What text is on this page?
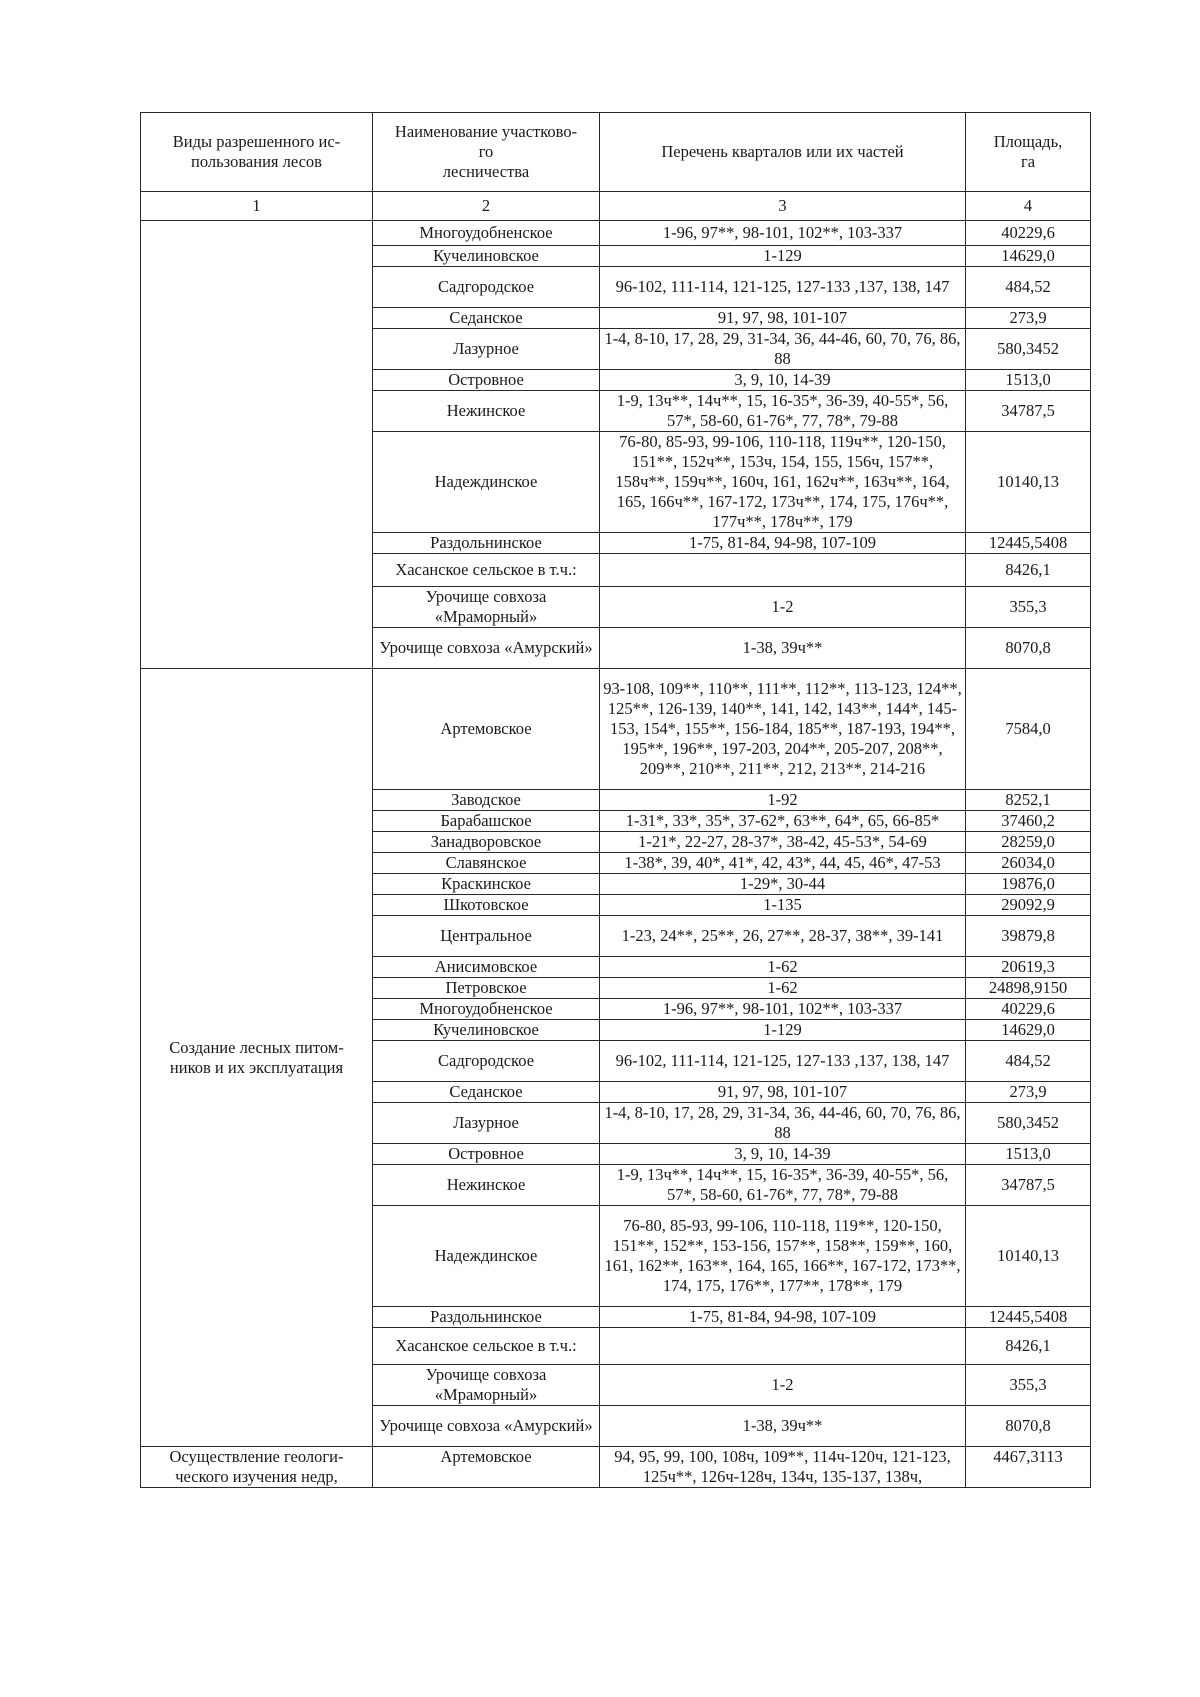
Виды разрешенного ис-
пользования лесов	Наименование участково-
го
лесничества	Перечень кварталов или их частей	Площадь,
га
1	2	3	4
	Многоудобненское	1-96, 97**, 98-101, 102**, 103-337	40229,6
	Кучелиновское	1-129	14629,0
	Садгородское	96-102, 111-114, 121-125, 127-133 ,137, 138, 147	484,52
	Седанское	91, 97, 98, 101-107	273,9
	Лазурное	1-4, 8-10, 17, 28, 29, 31-34, 36, 44-46, 60, 70, 76, 86, 88	580,3452
	Островное	3, 9, 10, 14-39	1513,0
	Нежинское	1-9, 13ч**, 14ч**, 15, 16-35*, 36-39, 40-55*, 56, 57*, 58-60, 61-76*, 77, 78*, 79-88	34787,5
	Надеждинское	76-80, 85-93, 99-106, 110-118, 119ч**, 120-150, 151**, 152ч**, 153ч, 154, 155, 156ч, 157**, 158ч**, 159ч**, 160ч, 161, 162ч**, 163ч**, 164, 165, 166ч**, 167-172, 173ч**, 174, 175, 176ч**, 177ч**, 178ч**, 179	10140,13
	Раздольнинское	1-75, 81-84, 94-98, 107-109	12445,5408
	Хасанское сельское в т.ч.:		8426,1
	Урочище совхоза «Мраморный»	1-2	355,3
	Урочище совхоза «Амурский»	1-38, 39ч**	8070,8
Создание лесных питом-
ников и их эксплуатация	Артемовское	93-108, 109**, 110**, 111**, 112**, 113-123, 124**, 125**, 126-139, 140**, 141, 142, 143**, 144*, 145-153, 154*, 155**, 156-184, 185**, 187-193, 194**, 195**, 196**, 197-203, 204**, 205-207, 208**, 209**, 210**, 211**, 212, 213**, 214-216	7584,0
	Заводское	1-92	8252,1
	Барабашское	1-31*, 33*, 35*, 37-62*, 63**, 64*, 65, 66-85*	37460,2
	Занадворовское	1-21*, 22-27, 28-37*, 38-42, 45-53*, 54-69	28259,0
	Славянское	1-38*, 39, 40*, 41*, 42, 43*, 44, 45, 46*, 47-53	26034,0
	Краскинское	1-29*, 30-44	19876,0
	Шкотовское	1-135	29092,9
	Центральное	1-23, 24**, 25**, 26, 27**, 28-37, 38**, 39-141	39879,8
	Анисимовское	1-62	20619,3
	Петровское	1-62	24898,9150
	Многоудобненское	1-96, 97**, 98-101, 102**, 103-337	40229,6
	Кучелиновское	1-129	14629,0
	Садгородское	96-102, 111-114, 121-125, 127-133 ,137, 138, 147	484,52
	Седанское	91, 97, 98, 101-107	273,9
	Лазурное	1-4, 8-10, 17, 28, 29, 31-34, 36, 44-46, 60, 70, 76, 86, 88	580,3452
	Островное	3, 9, 10, 14-39	1513,0
	Нежинское	1-9, 13ч**, 14ч**, 15, 16-35*, 36-39, 40-55*, 56, 57*, 58-60, 61-76*, 77, 78*, 79-88	34787,5
	Надеждинское	76-80, 85-93, 99-106, 110-118, 119**, 120-150, 151**, 152**, 153-156, 157**, 158**, 159**, 160, 161, 162**, 163**, 164, 165, 166**, 167-172, 173**, 174, 175, 176**, 177**, 178**, 179	10140,13
	Раздольнинское	1-75, 81-84, 94-98, 107-109	12445,5408
	Хасанское сельское в т.ч.:		8426,1
	Урочище совхоза «Мраморный»	1-2	355,3
	Урочище совхоза «Амурский»	1-38, 39ч**	8070,8
Осуществление геологи-
ческого изучения недр,	Артемовское	94, 95, 99, 100, 108ч, 109**, 114ч-120ч, 121-123, 125ч**, 126ч-128ч, 134ч, 135-137, 138ч,	4467,3113
